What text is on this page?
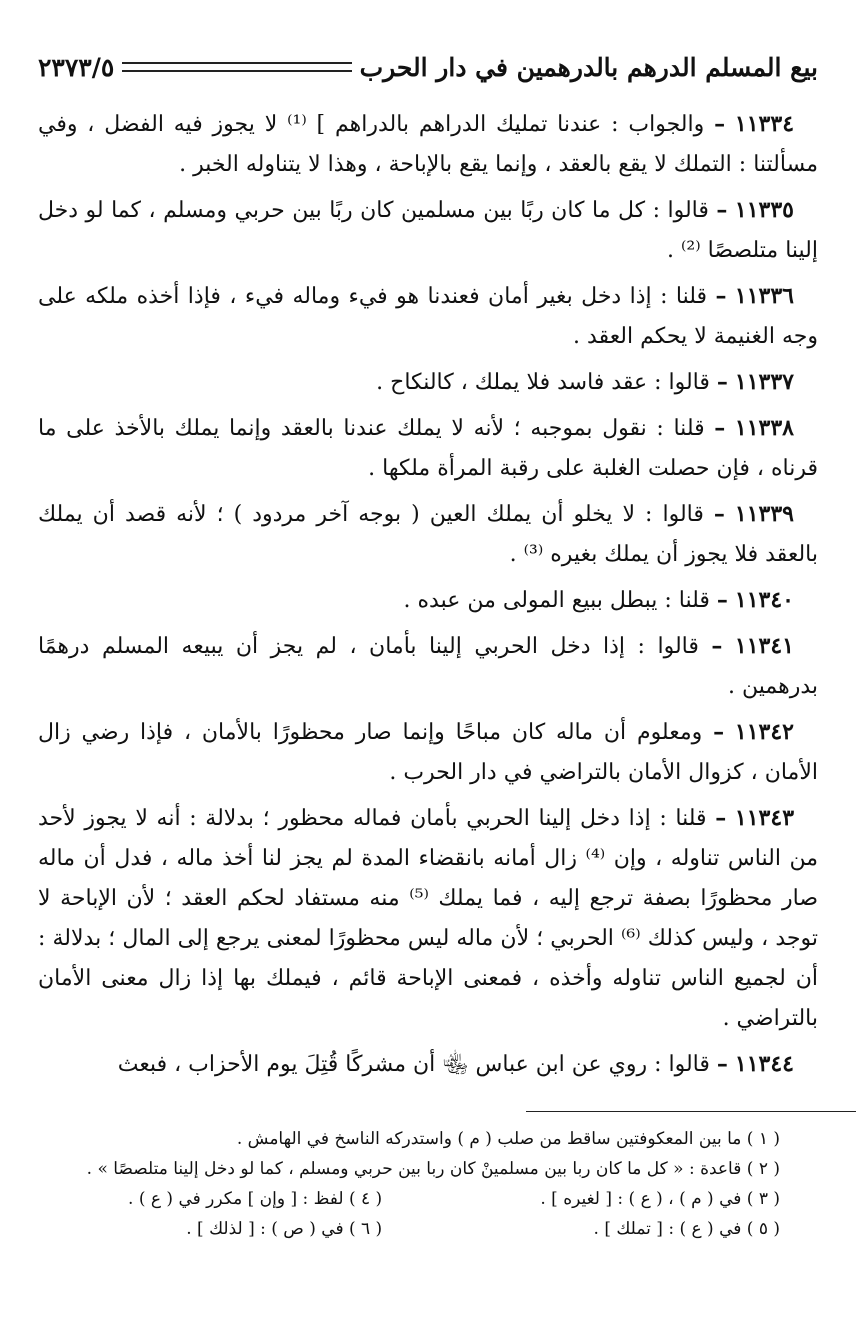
بيع المسلم الدرهم بالدرهمين في دار الحرب
٢٣٧٣/٥

١١٣٣٤ – والجواب : عندنا تمليك الدراهم بالدراهم ] ⁽¹⁾ لا يجوز فيه الفضل ، وفي مسألتنا : التملك لا يقع بالعقد ، وإنما يقع بالإباحة ، وهذا لا يتناوله الخبر .

١١٣٣٥ – قالوا : كل ما كان ربًا بين مسلمين كان ربًا بين حربي ومسلم ، كما لو دخل إلينا متلصصًا ⁽²⁾ .

١١٣٣٦ – قلنا : إذا دخل بغير أمان فعندنا هو فيء وماله فيء ، فإذا أخذه ملكه على وجه الغنيمة لا يحكم العقد .

١١٣٣٧ – قالوا : عقد فاسد فلا يملك ، كالنكاح .

١١٣٣٨ – قلنا : نقول بموجبه ؛ لأنه لا يملك عندنا بالعقد وإنما يملك بالأخذ على ما قرناه ، فإن حصلت الغلبة على رقبة المرأة ملكها .

١١٣٣٩ – قالوا : لا يخلو أن يملك العين ( بوجه آخر مردود ) ؛ لأنه قصد أن يملك بالعقد فلا يجوز أن يملك بغيره ⁽³⁾ .

١١٣٤٠ – قلنا : يبطل ببيع المولى من عبده .

١١٣٤١ – قالوا : إذا دخل الحربي إلينا بأمان ، لم يجز أن يبيعه المسلم درهمًا بدرهمين .

١١٣٤٢ – ومعلوم أن ماله كان مباحًا وإنما صار محظورًا بالأمان ، فإذا رضي زال الأمان ، كزوال الأمان بالتراضي في دار الحرب .

١١٣٤٣ – قلنا : إذا دخل إلينا الحربي بأمان فماله محظور ؛ بدلالة : أنه لا يجوز لأحد من الناس تناوله ، وإن ⁽⁴⁾ زال أمانه بانقضاء المدة لم يجز لنا أخذ ماله ، فدل أن ماله صار محظورًا بصفة ترجع إليه ، فما يملك ⁽⁵⁾ منه مستفاد لحكم العقد ؛ لأن الإباحة لا توجد ، وليس كذلك ⁽⁶⁾ الحربي ؛ لأن ماله ليس محظورًا لمعنى يرجع إلى المال ؛ بدلالة : أن لجميع الناس تناوله وأخذه ، فمعنى الإباحة قائم ، فيملك بها إذا زال معنى الأمان بالتراضي .

١١٣٤٤ – قالوا : روي عن ابن عباس ﵄ أن مشركًا قُتِلَ يوم الأحزاب ، فبعث

( ١ ) ما بين المعكوفتين ساقط من صلب ( م ) واستدركه الناسخ في الهامش .
( ٢ ) قاعدة : « كل ما كان ربا بين مسلمينْ كان ربا بين حربي ومسلم ، كما لو دخل إلينا متلصصًا » .
( ٣ ) في ( م ) ، ( ع ) : [ لغيره ] .
( ٤ ) لفظ : [ وإن ] مكرر في ( ع ) .
( ٥ ) في ( ع ) : [ تملك ] .
( ٦ ) في ( ص ) : [ لذلك ] .
